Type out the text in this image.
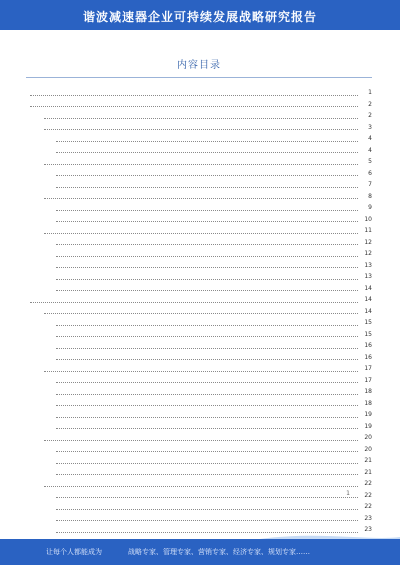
谐波减速器企业可持续发展战略研究报告
内容目录
1
2
2
3
4
4
5
6
7
8
9
10
11
12
12
13
13
14
14
14
15
15
16
16
17
17
18
18
19
19
20
20
21
21
22
22
22
23
23
1
让每个人都能成为	战略专家、管理专家、营销专家、经济专家、规划专家……
